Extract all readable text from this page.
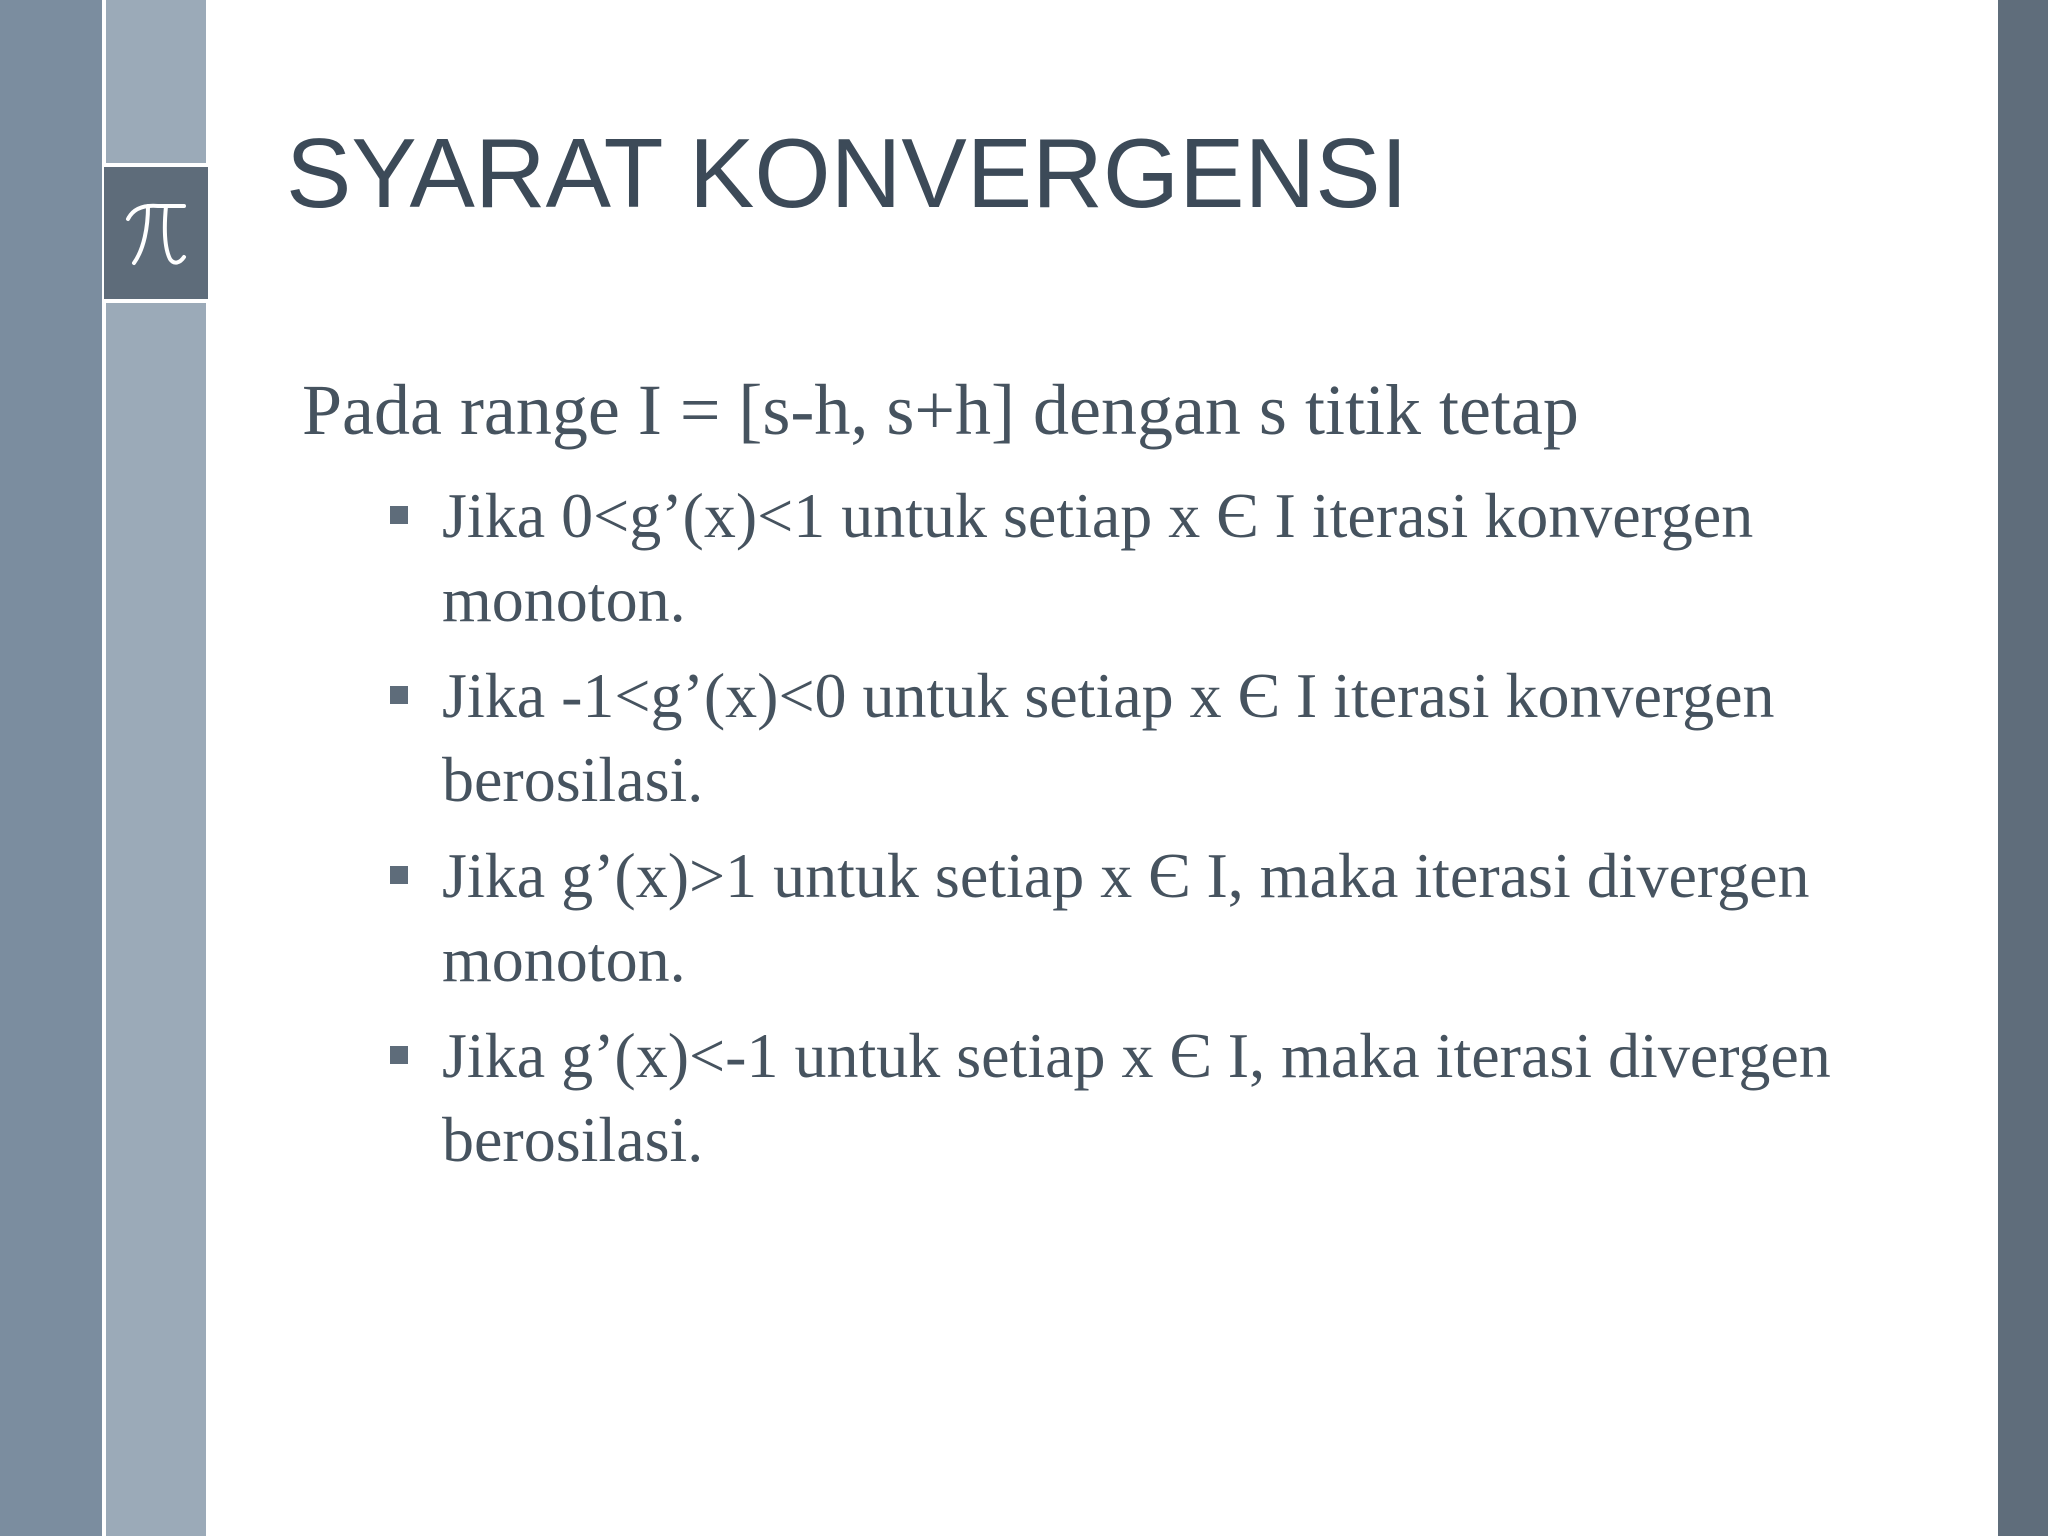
SYARAT KONVERGENSI
Pada range I = [s-h, s+h] dengan s titik tetap
Jika 0<g’(x)<1 untuk setiap x Є I iterasi konvergen monoton.
Jika -1<g’(x)<0 untuk setiap x Є I iterasi konvergen berosilasi.
Jika g’(x)>1 untuk setiap x Є I, maka iterasi divergen monoton.
Jika g’(x)<-1 untuk setiap x Є I, maka iterasi divergen berosilasi.
